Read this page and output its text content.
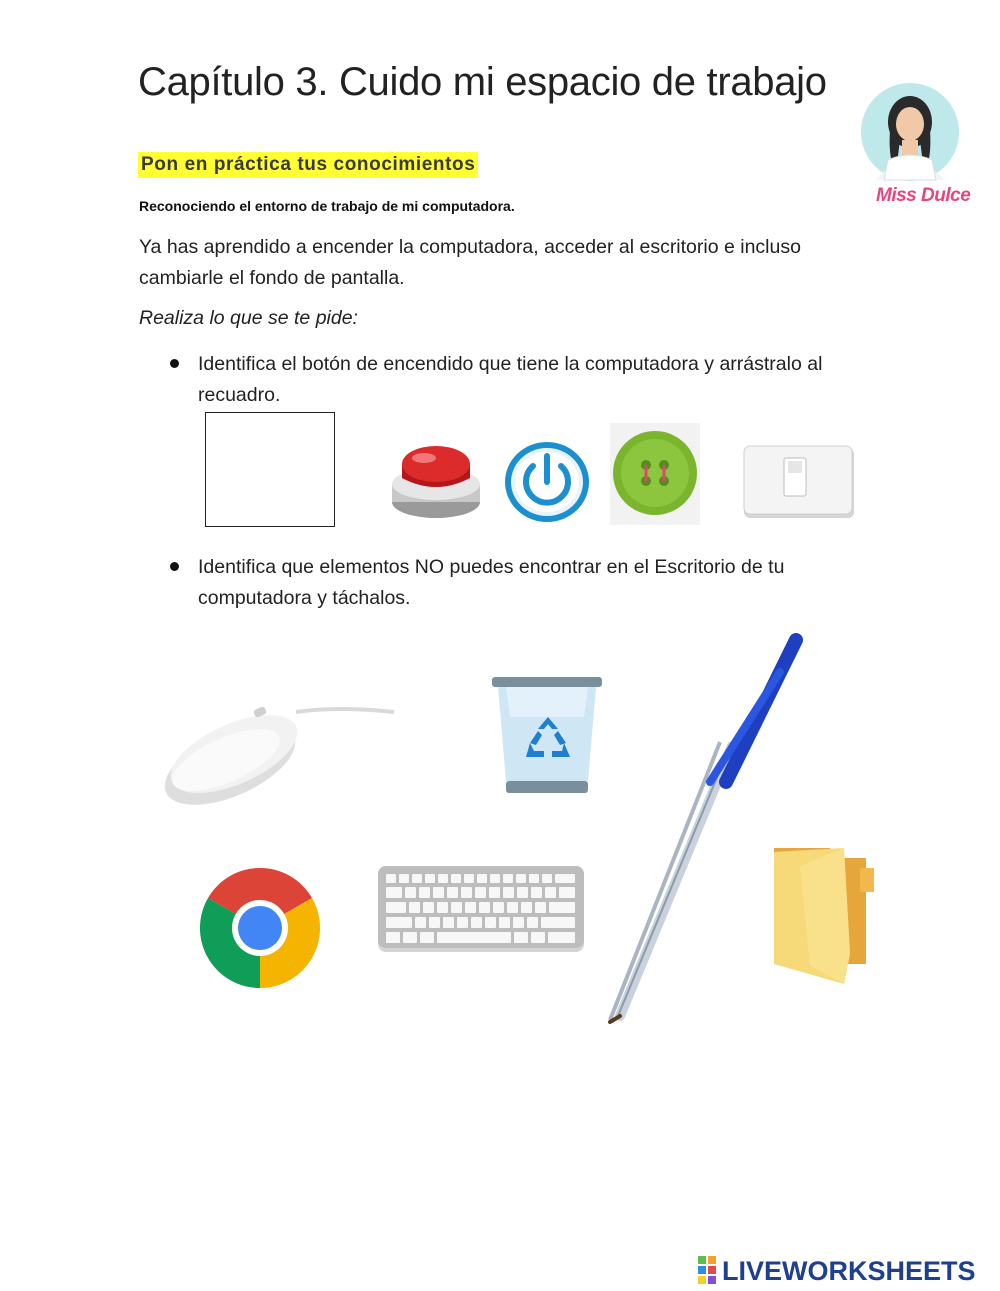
Capítulo 3. Cuido mi espacio de trabajo
Miss Dulce
Pon en práctica tus conocimientos
Reconociendo el entorno de trabajo de mi computadora.
Ya has aprendido a encender la computadora, acceder al escritorio e incluso cambiarle el fondo de pantalla.
Realiza lo que se te pide:
Identifica el botón de encendido que tiene la computadora y arrástralo al recuadro.
Identifica que elementos NO puedes encontrar en el Escritorio de tu computadora y táchalos.
LIVEWORKSHEETS
